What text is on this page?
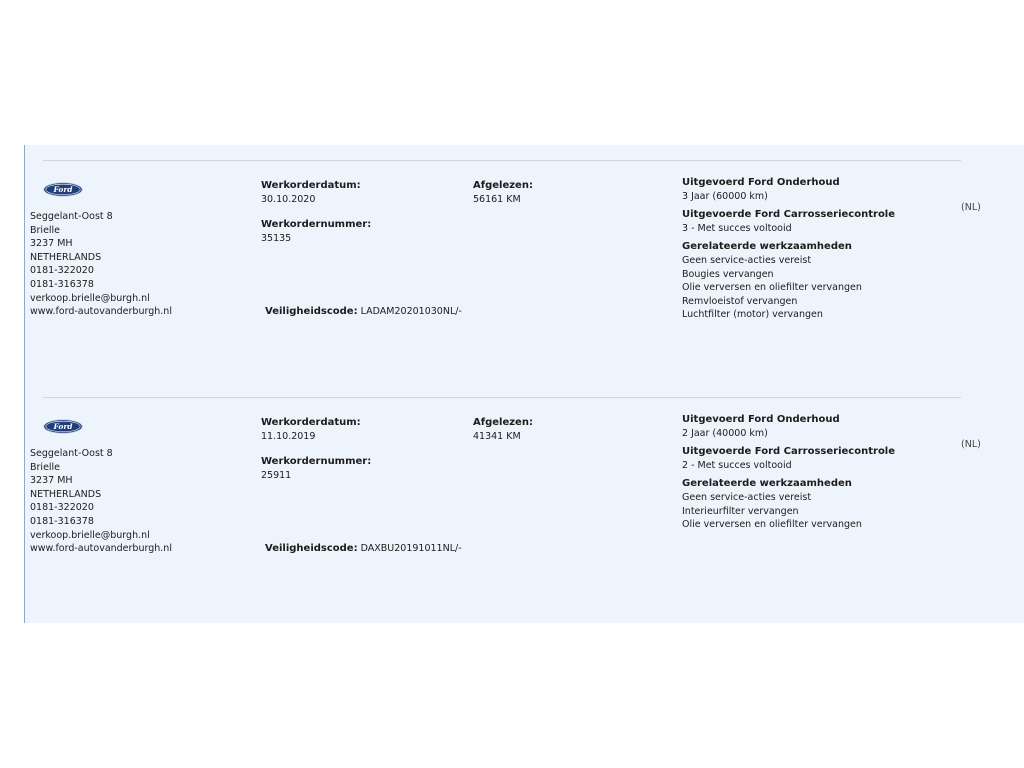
Ford
Seggelant-Oost 8
Brielle
3237 MH
NETHERLANDS
0181-322020
0181-316378
verkoop.brielle@burgh.nl
www.ford-autovanderburgh.nl
Werkorderdatum:
30.10.2020
Werkordernummer:
35135
Afgelezen:
56161 KM
Veiligheidscode: LADAM20201030NL/-
Uitgevoerd Ford Onderhoud
3 Jaar (60000 km)
Uitgevoerde Ford Carrosseriecontrole
3 - Met succes voltooid
Gerelateerde werkzaamheden
Geen service-acties vereist
Bougies vervangen
Olie verversen en oliefilter vervangen
Remvloeistof vervangen
Luchtfilter (motor) vervangen
(NL)
Ford
Seggelant-Oost 8
Brielle
3237 MH
NETHERLANDS
0181-322020
0181-316378
verkoop.brielle@burgh.nl
www.ford-autovanderburgh.nl
Werkorderdatum:
11.10.2019
Werkordernummer:
25911
Afgelezen:
41341 KM
Veiligheidscode: DAXBU20191011NL/-
Uitgevoerd Ford Onderhoud
2 Jaar (40000 km)
Uitgevoerde Ford Carrosseriecontrole
2 - Met succes voltooid
Gerelateerde werkzaamheden
Geen service-acties vereist
Interieurfilter vervangen
Olie verversen en oliefilter vervangen
(NL)
